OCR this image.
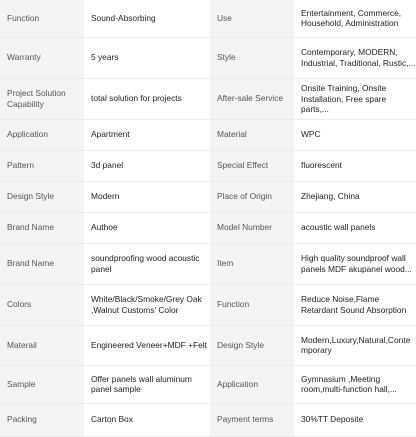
Function	Sound-Absorbing	Use	Entertainment, Commerce, Household, Administration

Warranty	5 years	Style	Contemporary, MODERN, Industrial, Traditional, Rustic,...

Project Solution Capability	total solution for projects	After-sale Service	Onsite Training, Onsite Installation, Free spare parts,...

Application	Apartment	Material	WPC

Pattern	3d panel	Special Effect	fluorescent

Design Style	Modern	Place of Origin	Zhejiang, China

Brand Name	Authoe	Model Number	acoustic wall panels

Brand Name	soundproofing wood acoustic panel	Item	High quality soundproof wall panels MDF akupanel wood...

Colors	White/Black/Smoke/Grey Oak ,Walnut Customs' Color	Function	Reduce Noise,Flame Retardant Sound Absorption

Materail	Engineered Veneer+MDF +Felt	Design Style	Modern,Luxury,Natural,Contemporary

Sample	Offer panels wall aluminum panel sample	Application	Gymnasium ,Meeting room,multi-function hall,...

Packing	Carton Box	Payment terms	30%TT Deposite
